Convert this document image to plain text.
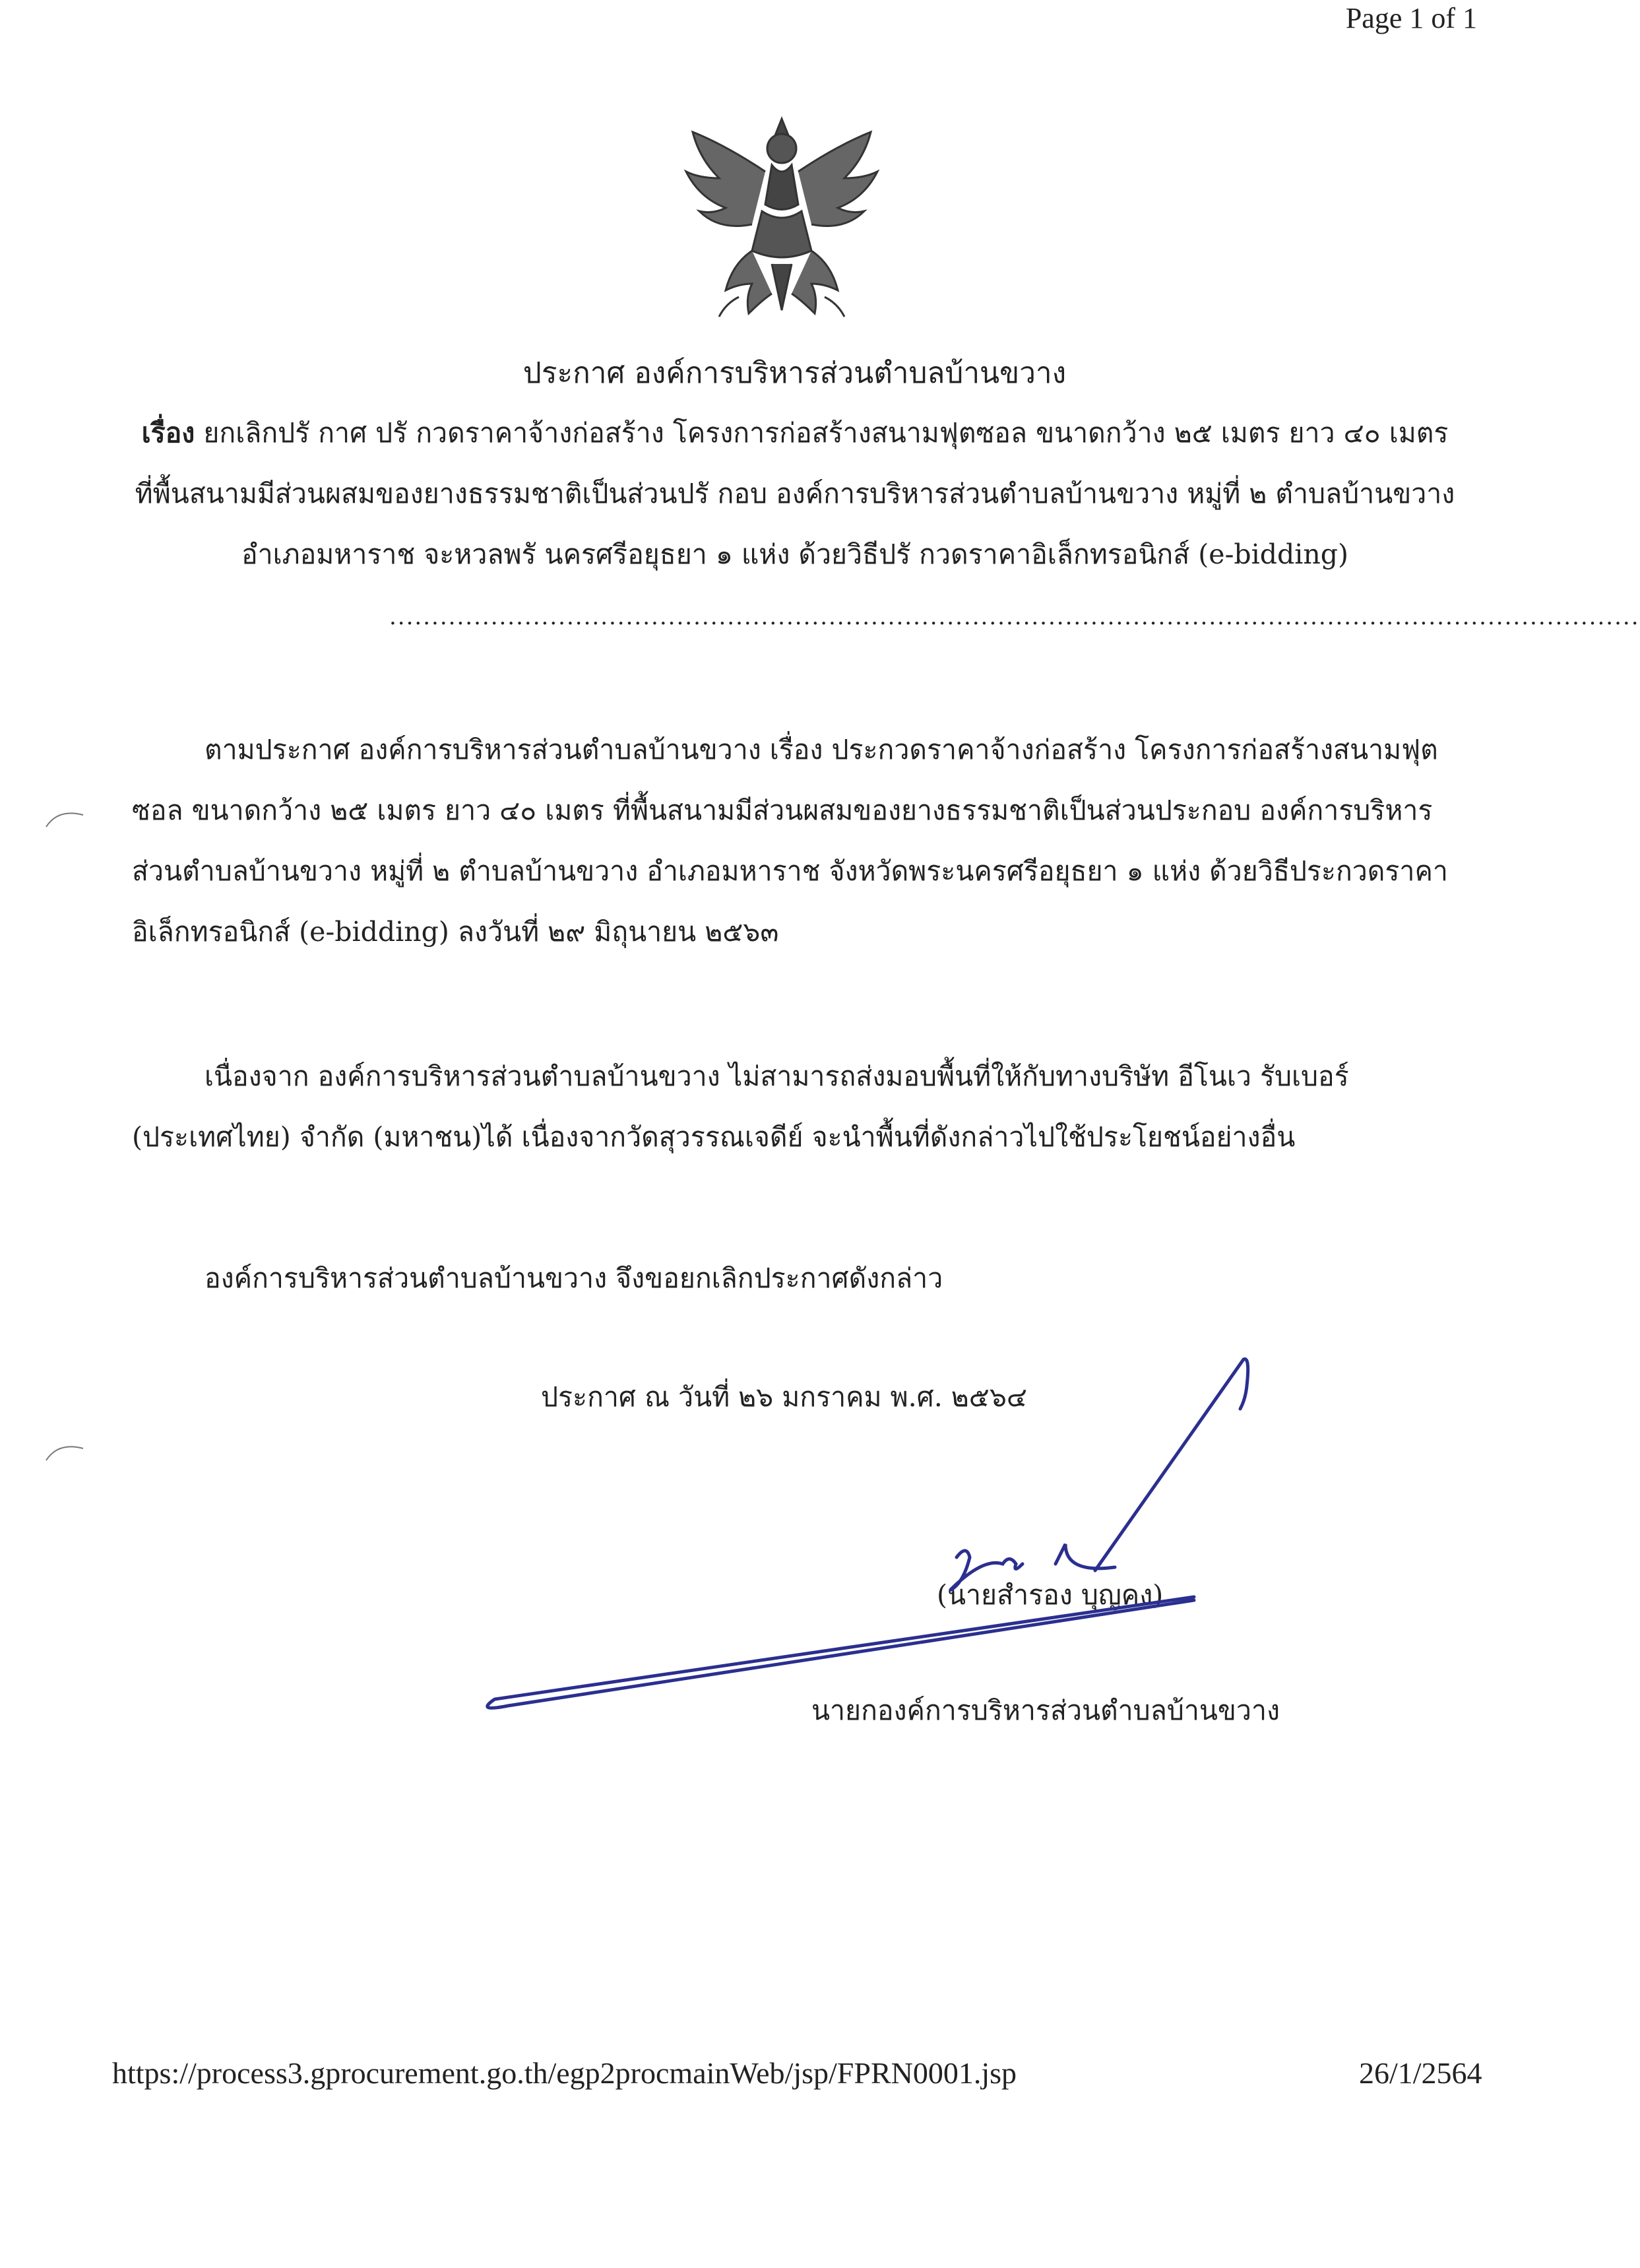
Page 1 of 1
ประกาศ องค์การบริหารส่วนตำบลบ้านขวาง
เรื่อง ยกเลิกปรั กาศ ปรั กวดราคาจ้างก่อสร้าง โครงการก่อสร้างสนามฟุตซอล ขนาดกว้าง ๒๕ เมตร ยาว ๔๐ เมตร ที่พื้นสนามมีส่วนผสมของยางธรรมชาติเป็นส่วนปรั กอบ องค์การบริหารส่วนตำบลบ้านขวาง หมู่ที่ ๒ ตำบลบ้านขวาง อำเภอมหาราช จะหวลพรั นครศรีอยุธยา ๑ แห่ง ด้วยวิธีปรั กวดราคาอิเล็กทรอนิกส์ (e-bidding)
....................................................................................................................................................
ตามประกาศ องค์การบริหารส่วนตำบลบ้านขวาง เรื่อง ประกวดราคาจ้างก่อสร้าง โครงการก่อสร้างสนามฟุตซอล ขนาดกว้าง ๒๕ เมตร ยาว ๔๐ เมตร ที่พื้นสนามมีส่วนผสมของยางธรรมชาติเป็นส่วนประกอบ องค์การบริหารส่วนตำบลบ้านขวาง หมู่ที่ ๒ ตำบลบ้านขวาง อำเภอมหาราช จังหวัดพระนครศรีอยุธยา ๑ แห่ง ด้วยวิธีประกวดราคาอิเล็กทรอนิกส์ (e-bidding) ลงวันที่ ๒๙ มิถุนายน ๒๕๖๓
เนื่องจาก องค์การบริหารส่วนตำบลบ้านขวาง ไม่สามารถส่งมอบพื้นที่ให้กับทางบริษัท อีโนเว รับเบอร์ (ประเทศไทย) จำกัด (มหาชน)ได้ เนื่องจากวัดสุวรรณเจดีย์ จะนำพื้นที่ดังกล่าวไปใช้ประโยชน์อย่างอื่น
องค์การบริหารส่วนตำบลบ้านขวาง จึงขอยกเลิกประกาศดังกล่าว
ประกาศ ณ วันที่ ๒๖ มกราคม พ.ศ. ๒๕๖๔
(นายสำรอง บุญคง)
นายกองค์การบริหารส่วนตำบลบ้านขวาง
https://process3.gprocurement.go.th/egp2procmainWeb/jsp/FPRN0001.jsp	26/1/2564
